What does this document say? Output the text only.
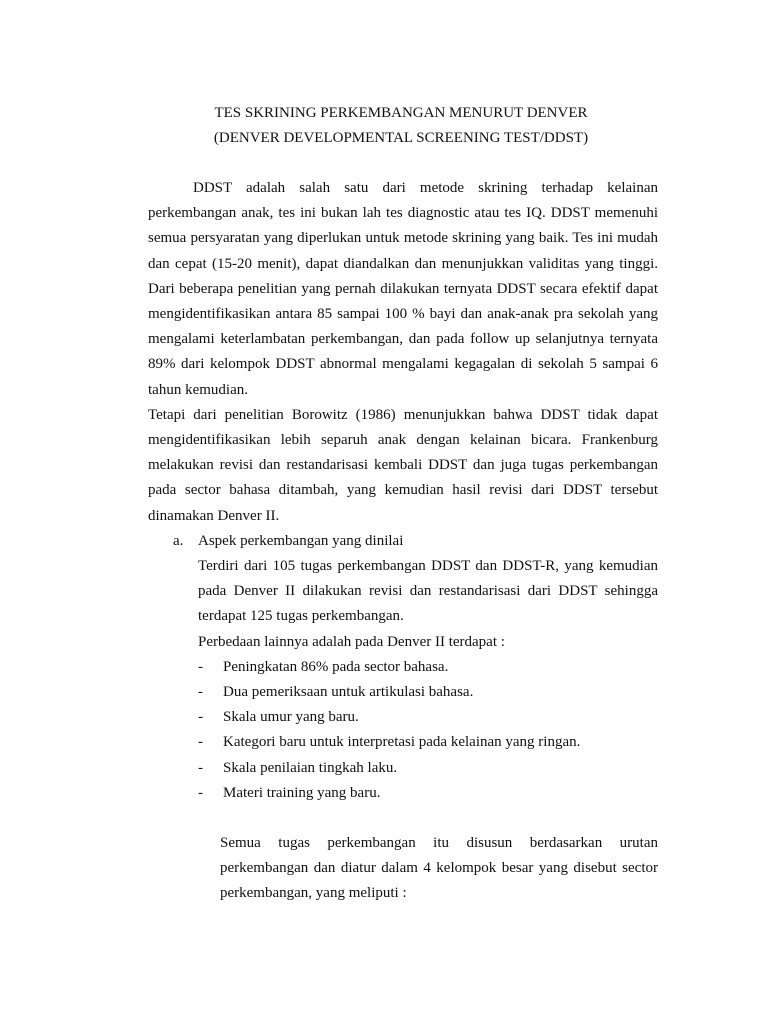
TES SKRINING PERKEMBANGAN MENURUT DENVER
(DENVER DEVELOPMENTAL SCREENING TEST/DDST)

DDST adalah salah satu dari metode skrining terhadap kelainan perkembangan anak, tes ini bukan lah tes diagnostic atau tes IQ. DDST memenuhi semua persyaratan yang diperlukan untuk metode skrining yang baik. Tes ini mudah dan cepat (15-20 menit), dapat diandalkan dan menunjukkan validitas yang tinggi. Dari beberapa penelitian yang pernah dilakukan ternyata DDST secara efektif dapat mengidentifikasikan antara 85 sampai 100 % bayi dan anak-anak pra sekolah yang mengalami keterlambatan perkembangan, dan pada follow up selanjutnya ternyata 89% dari kelompok DDST abnormal mengalami kegagalan di sekolah 5 sampai 6 tahun kemudian.

Tetapi dari penelitian Borowitz (1986) menunjukkan bahwa DDST tidak dapat mengidentifikasikan lebih separuh anak dengan kelainan bicara. Frankenburg melakukan revisi dan restandarisasi kembali DDST dan juga tugas perkembangan pada sector bahasa ditambah, yang kemudian hasil revisi dari DDST tersebut dinamakan Denver II.

a. Aspek perkembangan yang dinilai

Terdiri dari 105 tugas perkembangan DDST dan DDST-R, yang kemudian pada Denver II dilakukan revisi dan restandarisasi dari DDST sehingga terdapat 125 tugas perkembangan.

Perbedaan lainnya adalah pada Denver II terdapat :

- Peningkatan 86% pada sector bahasa.
- Dua pemeriksaan untuk artikulasi bahasa.
- Skala umur yang baru.
- Kategori baru untuk interpretasi pada kelainan yang ringan.
- Skala penilaian tingkah laku.
- Materi training yang baru.

Semua tugas perkembangan itu disusun berdasarkan urutan perkembangan dan diatur dalam 4 kelompok besar yang disebut sector perkembangan, yang meliputi :
